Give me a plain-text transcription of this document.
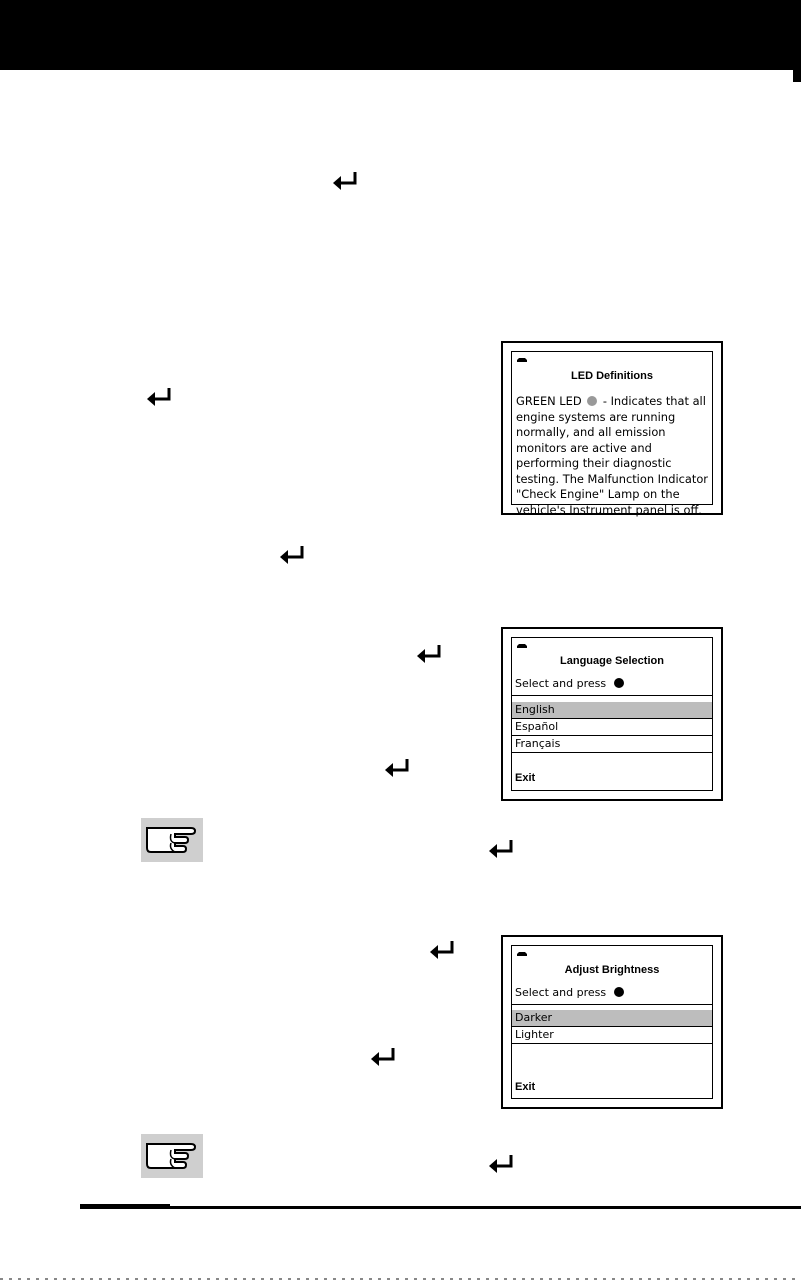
LED Definitions
GREEN LED - Indicates that all engine systems are running normally, and all emission monitors are active and performing their diagnostic testing. The Malfunction Indicator "Check Engine" Lamp on the vehicle's Instrument panel is off.
Language Selection
Select and press
English
Español
Français
Exit
Adjust Brightness
Select and press
Darker
Lighter
Exit
